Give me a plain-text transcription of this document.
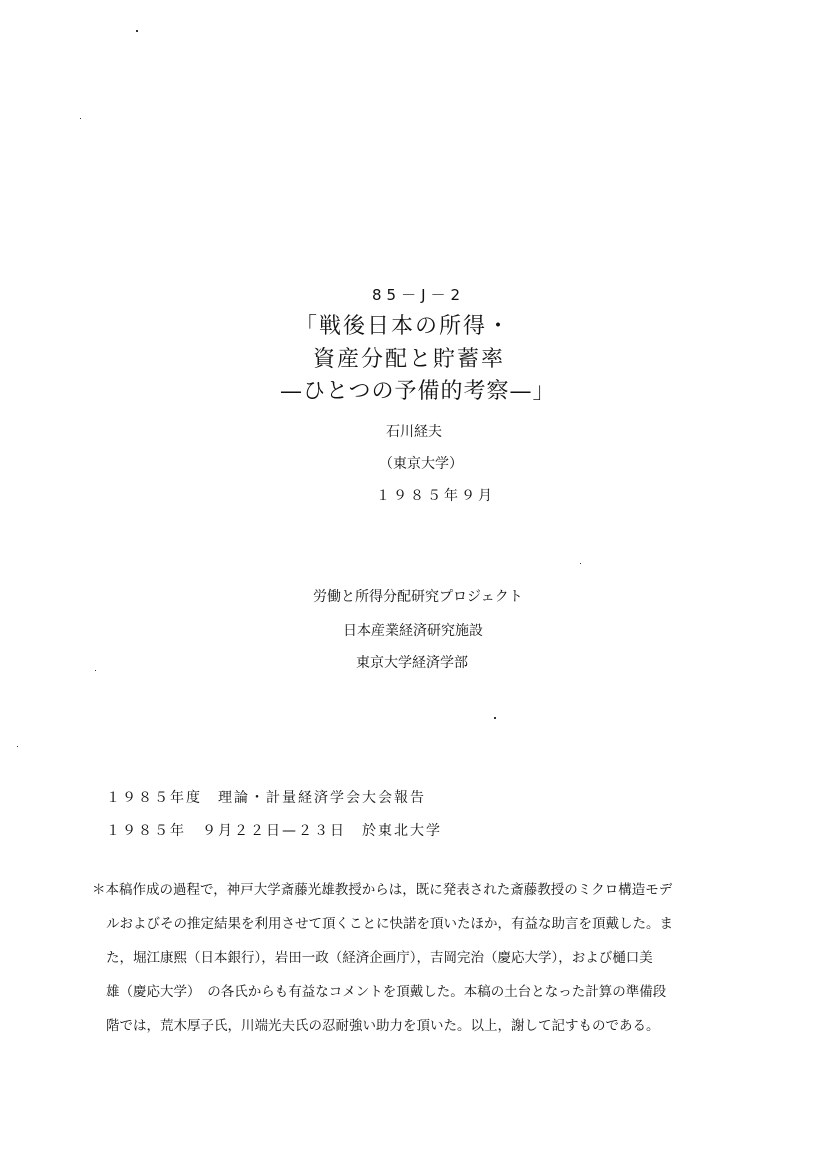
85－J－2
「戦後日本の所得・
資産分配と貯蓄率
—ひとつの予備的考察—」
石川経夫
（東京大学）
１９８５年９月
労働と所得分配研究プロジェクト
日本産業経済研究施設
東京大学経済学部
１９８５年度　理論・計量経済学会大会報告
１９８５年　９月２２日—２３日　於東北大学
＊本稿作成の過程で，神戸大学斎藤光雄教授からは，既に発表された斎藤教授のミクロ構造モデ
ルおよびその推定結果を利用させて頂くことに快諾を頂いたほか，有益な助言を頂戴した。ま
た，堀江康熙（日本銀行），岩田一政（経済企画庁），吉岡完治（慶応大学），および樋口美
雄（慶応大学）　の各氏からも有益なコメントを頂戴した。本稿の土台となった計算の準備段
階では，荒木厚子氏，川端光夫氏の忍耐強い助力を頂いた。以上，謝して記すものである。
